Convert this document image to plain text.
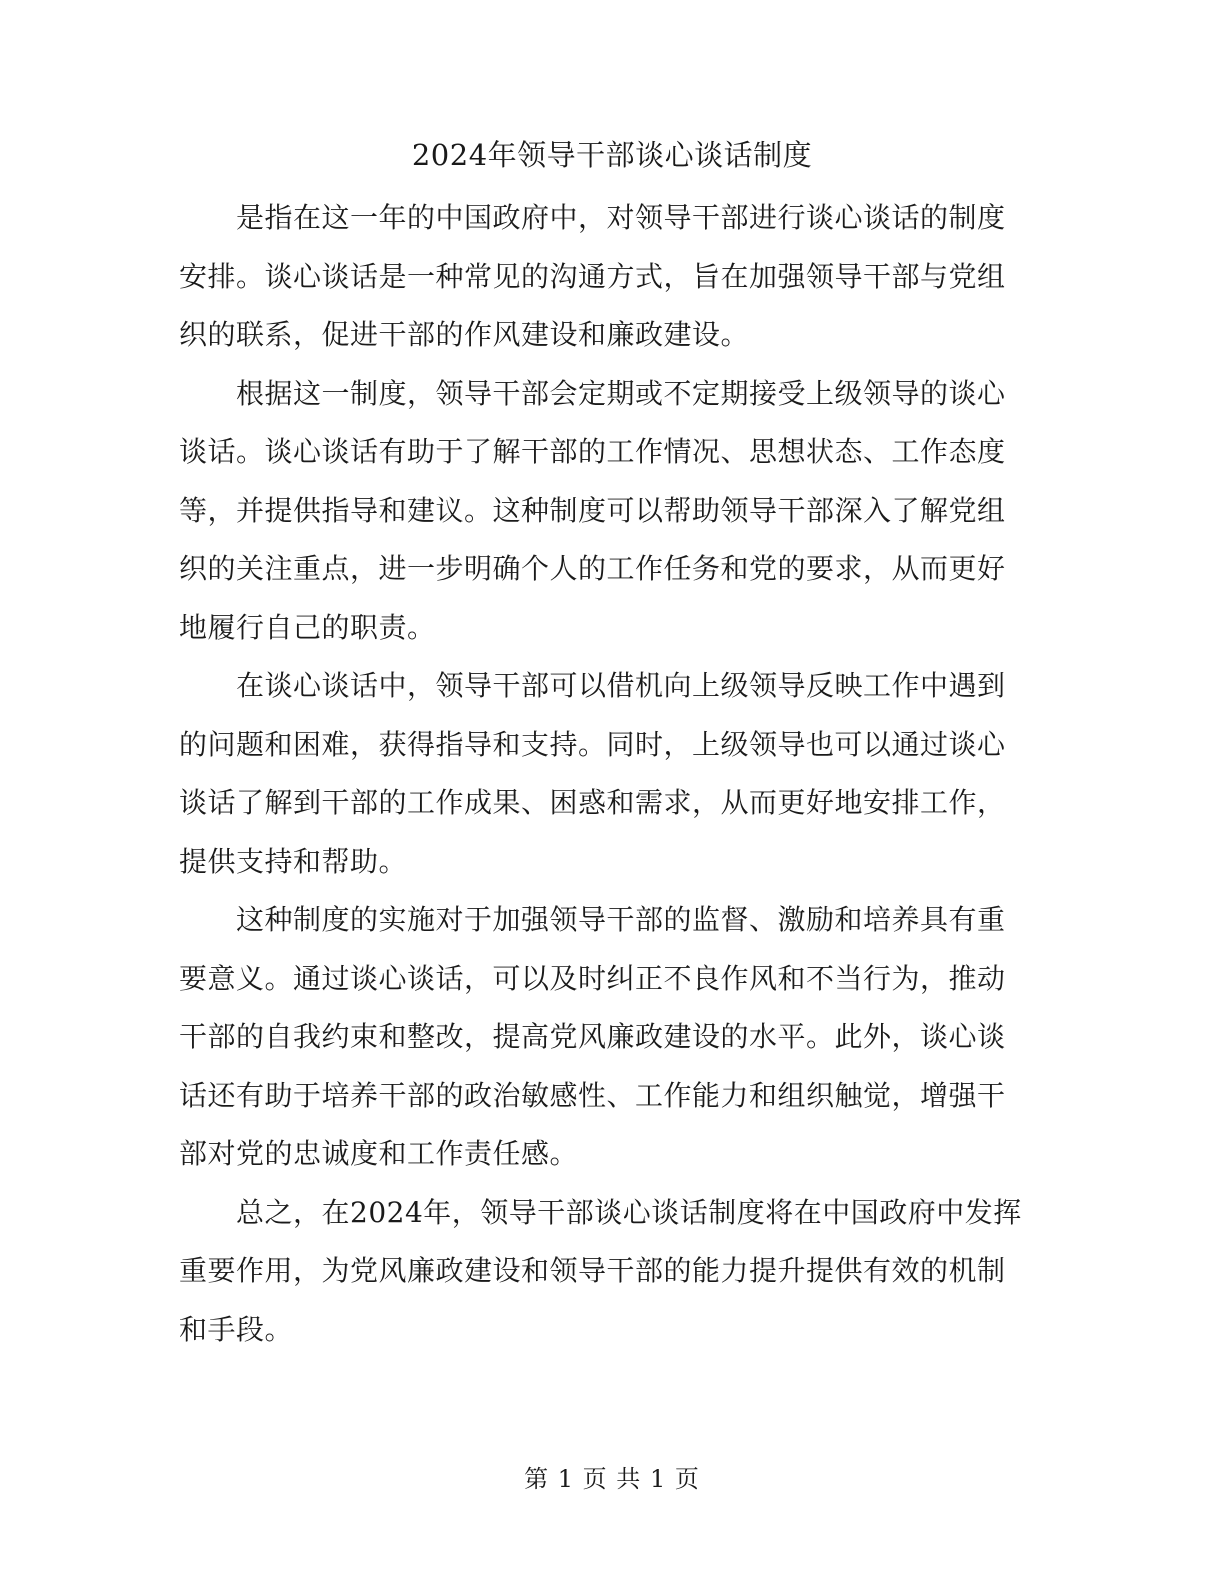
2024年领导干部谈心谈话制度

是指在这一年的中国政府中，对领导干部进行谈心谈话的制度安排。谈心谈话是一种常见的沟通方式，旨在加强领导干部与党组织的联系，促进干部的作风建设和廉政建设。

根据这一制度，领导干部会定期或不定期接受上级领导的谈心谈话。谈心谈话有助于了解干部的工作情况、思想状态、工作态度等，并提供指导和建议。这种制度可以帮助领导干部深入了解党组织的关注重点，进一步明确个人的工作任务和党的要求，从而更好地履行自己的职责。

在谈心谈话中，领导干部可以借机向上级领导反映工作中遇到的问题和困难，获得指导和支持。同时，上级领导也可以通过谈心谈话了解到干部的工作成果、困惑和需求，从而更好地安排工作，提供支持和帮助。

这种制度的实施对于加强领导干部的监督、激励和培养具有重要意义。通过谈心谈话，可以及时纠正不良作风和不当行为，推动干部的自我约束和整改，提高党风廉政建设的水平。此外，谈心谈话还有助于培养干部的政治敏感性、工作能力和组织触觉，增强干部对党的忠诚度和工作责任感。

总之，在2024年，领导干部谈心谈话制度将在中国政府中发挥重要作用，为党风廉政建设和领导干部的能力提升提供有效的机制和手段。

第 1 页 共 1 页
